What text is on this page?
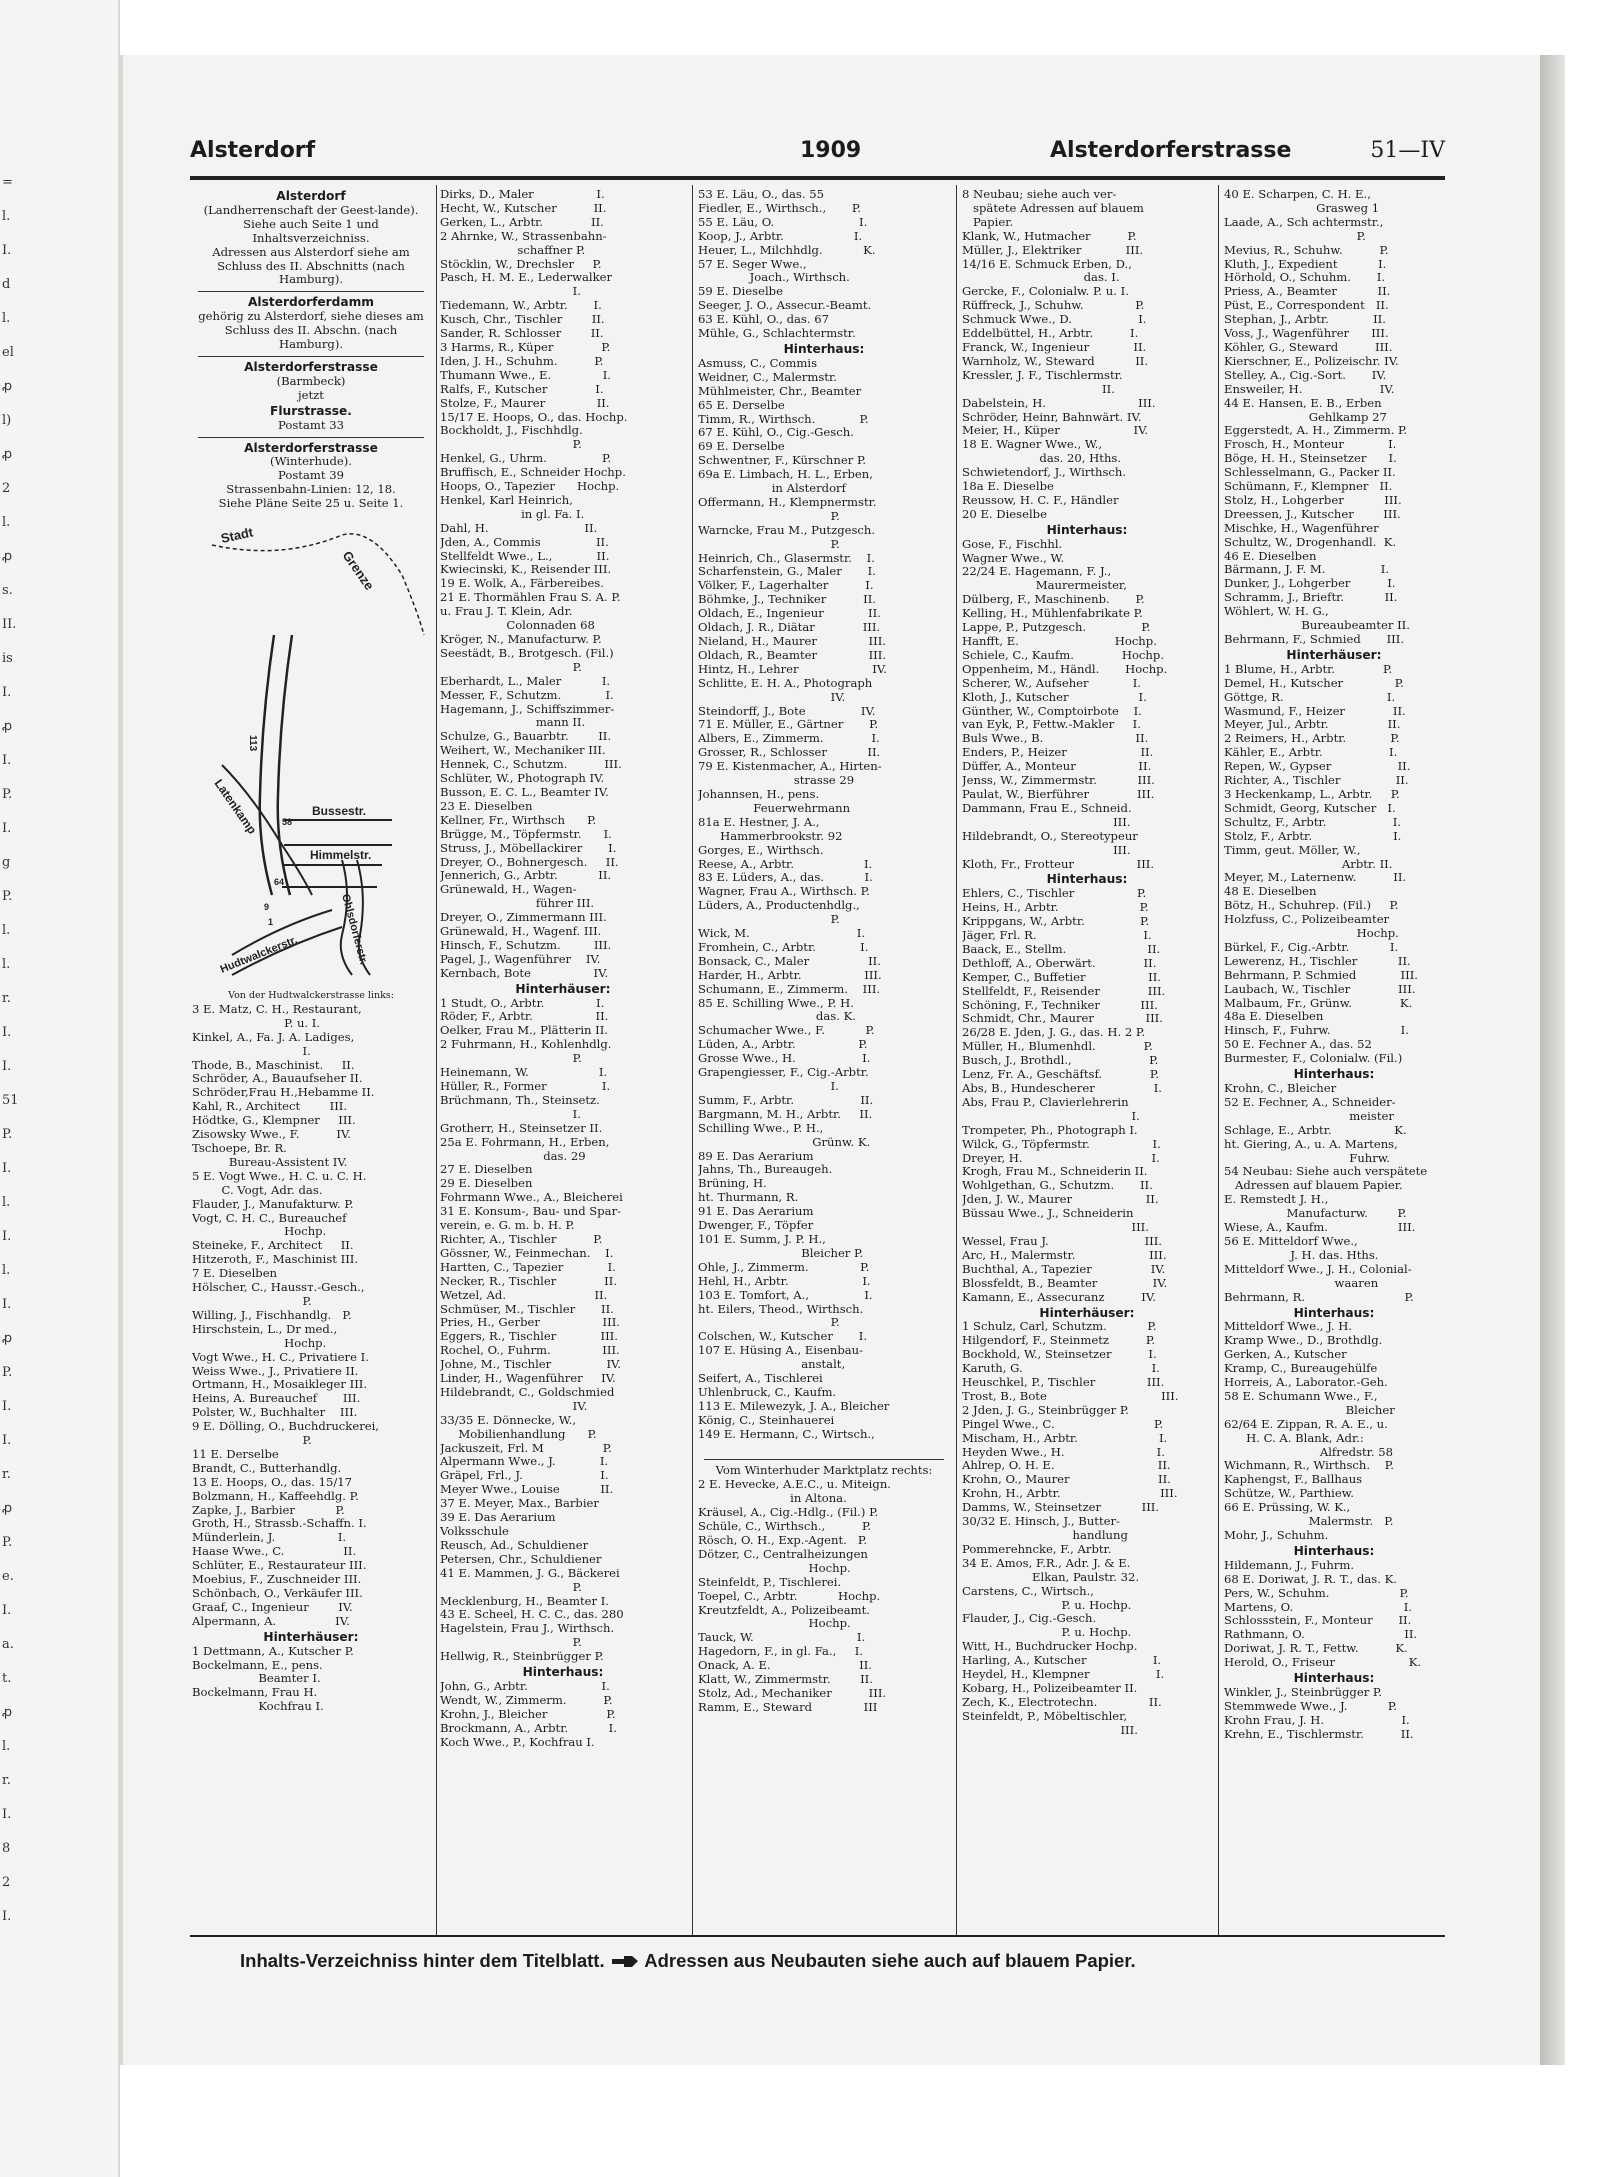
=
l.
I.
d
l.
el
ꝓ
l)
ꝓ
2
l.
ꝓ
s.
II.
is
I.
ꝓ
I.
P.
I.
g
P.
l.
l.
r.
I.
I.
51
P.
I.
l.
I.
l.
I.
ꝓ
P.
I.
I.
r.
ꝓ
P.
e.
I.
a.
t.
ꝓ
l.
r.
I.
8
2
I.
Alsterdorf	1909	Alsterdorferstrasse	51—IV
Alsterdorf
(Landherrenschaft der Geest-lande).
Siehe auch Seite 1 und Inhaltsverzeichniss.
Adressen aus Alsterdorf siehe am Schluss des II. Abschnitts (nach Hamburg).
Alsterdorferdamm
gehörig zu Alsterdorf, siehe dieses am Schluss des II. Abschn. (nach Hamburg).
Alsterdorferstrasse
(Barmbeck)
jetzt
Flurstrasse.
Postamt 33
Alsterdorferstrasse
(Winterhude).
Postamt 39
Strassenbahn-Linien: 12, 18.
Siehe Pläne Seite 25 u. Seite 1.
Stadt
Grenze
113
Latenkamp	Bussestr.
Himmelstr.
Ohlsdorferstr.
Hudtwalckerstr.
58
64
9
1
Von der Hudtwalckerstrasse links:
3 E. Matz, C. H., Restaurant,
P. u. I.
Kinkel, A., Fa. J. A. Ladiges,
I.
Thode, B., Maschinist.     II.
Schröder, A., Bauaufseher II.
Schröder,Frau H.,Hebamme II.
Kahl, R., Architect        III.
Hödtke, G., Klempner     III.
Zisowsky Wwe., F.          IV.
Tschoepe, Br. R.
Bureau-Assistent IV.
5 E. Vogt Wwe., H. C. u. C. H.
C. Vogt, Adr. das.
Flauder, J., Manufakturw. P.
Vogt, C. H. C., Bureauchef
Hochp.
Steineke, F., Architect     II.
Hitzeroth, F., Maschinist III.
7 E. Dieselben
Hölscher, C., Haussт.-Gesch.,
P.
Willing, J., Fischhandlg.   P.
Hirschstein, L., Dr med.,
Hochp.
Vogt Wwe., H. C., Privatiere I.
Weiss Wwe., J., Privatiere II.
Ortmann, H., Mosaikleger III.
Heins, A. Bureauchef       III.
Polster, W., Buchhalter    III.
9 E. Dölling, O., Buchdruckerei,
P.
11 E. Derselbe
Brandt, C., Butterhandlg.
13 E. Hoops, O., das. 15/17
Bolzmann, H., Kaffeehdlg. P.
Zapke, J., Barbier           P.
Groth, H., Strassb.-Schaffn. I.
Münderlein, J.                 I.
Haase Wwe., C.                II.
Schlüter, E., Restaurateur III.
Moebius, F., Zuschneider III.
Schönbach, O., Verkäufer III.
Graaf, C., Ingenieur        IV.
Alpermann, A.                IV.
Hinterhäuser:
1 Dettmann, A., Kutscher P.
Bockelmann, E., pens.
Beamter I.
Bockelmann, Frau H.
Kochfrau I.
Dirks, D., Maler                 I.
Hecht, W., Kutscher          II.
Gerken, L., Arbtr.             II.
2 Ahrnke, W., Strassenbahn-
schaffner P.
Stöcklin, W., Drechsler     P.
Pasch, H. M. E., Lederwalker
I.
Tiedemann, W., Arbtr.       I.
Kusch, Chr., Tischler        II.
Sander, R. Schlosser        II.
3 Harms, R., Küper             P.
Iden, J. H., Schuhm.          P.
Thumann Wwe., E.              I.
Ralfs, F., Kutscher             I.
Stolze, F., Maurer              II.
15/17 E. Hoops, O., das. Hochp.
Bockholdt, J., Fischhdlg.
P.
Henkel, G., Uhrm.               P.
Bruffisch, E., Schneider Hochp.
Hoops, O., Tapezier      Hochp.
Henkel, Karl Heinrich,
in gl. Fa. I.
Dahl, H.                          II.
Jden, A., Commis               II.
Stellfeldt Wwe., L.,            II.
Kwiecinski, K., Reisender III.
19 E. Wolk, A., Färbereibes.
21 E. Thormählen Frau S. A. P.
u. Frau J. T. Klein, Adr.
Colonnaden 68
Kröger, N., Manufacturw. P.
Seestädt, B., Brotgesch. (Fil.)
P.
Eberhardt, L., Maler           I.
Messer, F., Schutzm.            I.
Hagemann, J., Schiffszimmer-
mann II.
Schulze, G., Bauarbtr.        II.
Weihert, W., Mechaniker III.
Hennek, C., Schutzm.          III.
Schlüter, W., Photograph IV.
Busson, E. C. L., Beamter IV.
23 E. Dieselben
Kellner, Fr., Wirthsch      P.
Brügge, M., Töpfermstr.      I.
Struss, J., Möbellackirer       I.
Dreyer, O., Bohnergesch.     II.
Jennerich, G., Arbtr.           II.
Grünewald, H., Wagen-
führer III.
Dreyer, O., Zimmermann III.
Grünewald, H., Wagenf. III.
Hinsch, F., Schutzm.         III.
Pagel, J., Wagenführer    IV.
Kernbach, Bote                 IV.
Hinterhäuser:
1 Studt, O., Arbtr.              I.
Röder, F., Arbtr.                 II.
Oelker, Frau M., Plätterin II.
2 Fuhrmann, H., Kohlenhdlg.
P.
Heinemann, W.                   I.
Hüller, R., Former               I.
Brüchmann, Th., Steinsetz.
I.
Grotherr, H., Steinsetzer II.
25a E. Fohrmann, H., Erben,
das. 29
27 E. Dieselben
29 E. Dieselben
Fohrmann Wwe., A., Bleicherei
31 E. Konsum-, Bau- und Spar-
verein, e. G. m. b. H. P.
Richter, A., Tischler          P.
Gössner, W., Feinmechan.    I.
Hartten, C., Tapezier            I.
Necker, R., Tischler             II.
Wetzel, Ad.                        II.
Schmüser, M., Tischler       II.
Pries, H., Gerber                 III.
Eggers, R., Tischler            III.
Rochel, O., Fuhrm.              III.
Johne, M., Tischler               IV.
Linder, H., Wagenführer     IV.
Hildebrandt, C., Goldschmied
IV.
33/35 E. Dönnecke, W.,
Mobilienhandlung      P.
Jackuszeit, Frl. M                P.
Alpermann Wwe., J.            I.
Gräpel, Frl., J.                     I.
Meyer Wwe., Louise           II.
37 E. Meyer, Max., Barbier
39 E. Das Aerarium
Volksschule
Reusch, Ad., Schuldiener
Petersen, Chr., Schuldiener
41 E. Mammen, J. G., Bäckerei
P.
Mecklenburg, H., Beamter I.
43 E. Scheel, H. C. C., das. 280
Hagelstein, Frau J., Wirthsch.
P.
Hellwig, R., Steinbrügger P.
Hinterhaus:
John, G., Arbtr.                    I.
Wendt, W., Zimmerm.          P.
Krohn, J., Bleicher                P.
Brockmann, A., Arbtr.           I.
Koch Wwe., P., Kochfrau I.
53 E. Läu, O., das. 55
Fiedler, E., Wirthsch.,       P.
55 E. Läu, O.                       I.
Koop, J., Arbtr.                   I.
Heuer, L., Milchhdlg.           K.
57 E. Seger Wwe.,
Joach., Wirthsch.
59 E. Dieselbe
Seeger, J. O., Asseсur.-Beamt.
63 E. Kühl, O., das. 67
Mühle, G., Schlachtermstr.
Hinterhaus:
Asmuss, C., Commis
Weidner, C., Malermstr.
Mühlmeister, Chr., Beamter
65 E. Derselbe
Timm, R., Wirthsch.            P.
67 E. Kühl, O., Cig.-Gesch.
69 E. Derselbe
Schwentner, F., Kürschner P.
69a E. Limbach, H. L., Erben,
in Alsterdorf
Offermann, H., Klempnermstr.
P.
Warncke, Frau M., Putzgesch.
P.
Heinrich, Ch., Glasermstr.    I.
Scharfenstein, G., Maler       I.
Völker, F., Lagerhalter          I.
Böhmke, J., Techniker          II.
Oldach, E., Ingenieur            II.
Oldach, J. R., Diätar             III.
Nieland, H., Maurer              III.
Oldach, R., Beamter              III.
Hintz, H., Lehrer                    IV.
Schlitte, E. H. A., Photograph
IV.
Steindorff, J., Bote               IV.
71 E. Müller, E., Gärtner       P.
Albers, E., Zimmerm.             I.
Grosser, R., Schlosser           II.
79 E. Kistenmacher, A., Hirten-
strasse 29
Johannsen, H., pens.
Feuerwehrmann
81a E. Hestner, J. A.,
Hammerbrookstr. 92
Gorges, E., Wirthsch.
Reese, A., Arbtr.                   I.
83 E. Lüders, A., das.           I.
Wagner, Frau A., Wirthsch. P.
Lüders, A., Productenhdlg.,
P.
Wick, M.                             I.
Fromhein, C., Arbtr.            I.
Bonsack, C., Maler                II.
Harder, H., Arbtr.                 III.
Schumann, E., Zimmerm.    III.
85 E. Schilling Wwe., P. H.
das. K.
Schumacher Wwe., F.           P.
Lüden, A., Arbtr.                 P.
Grosse Wwe., H.                  I.
Grapengiesser, F., Cig.-Arbtr.
I.
Summ, F., Arbtr.                  II.
Bargmann, M. H., Arbtr.     II.
Schilling Wwe., P. H.,
Grünw. K.
89 E. Das Aerarium
Jahns, Th., Bureaugeh.
Brüning, H.
ht. Thurmann, R.
91 E. Das Aerarium
Dwenger, F., Töpfer
101 E. Summ, J. P. H.,
Bleicher P.
Ohle, J., Zimmerm.              P.
Hehl, H., Arbtr.                    I.
103 E. Tomfort, A.,               I.
ht. Eilers, Theod., Wirthsch.
P.
Colschen, W., Kutscher       I.
107 E. Hüsing A., Eisenbau-
anstalt,
Seifert, A., Tischlerei
Uhlenbruck, C., Kaufm.
113 E. Milewezyk, J. A., Bleicher
König, C., Steinhauerei
149 E. Hermann, C., Wirtsch.,

Vom Winterhuder Marktplatz rechts:
2 E. Hevecke, A.E.C., u. Miteign.
in Altona.
Kräusel, A., Cig.-Hdlg., (Fil.) P.
Schüle, C., Wirthsch.,          P.
Rösch, O. H., Exp.-Agent.   P.
Dötzer, C., Centralheizungen
Hochp.
Steinfeldt, P., Tischlerei.
Toepel, C., Arbtr.           Hochp.
Kreutzfeldt, A., Polizeibeamt.
Hochp.
Tauck, W.                            I.
Hagedorn, F., in gl. Fa.,     I.
Onack, A. E.                        II.
Klatt, W., Zimmermstr.        II.
Stolz, Ad., Mechaniker          III.
Ramm, E., Steward              III
8 Neubau; siehe auch ver-
spätete Adressen auf blauem
Papier.
Klank, W., Hutmacher          P.
Müller, J., Elektriker            III.
14/16 E. Schmuck Erben, D.,
das. I.
Gercke, F., Colonialw. P. u. I.
Rüffreck, J., Schuhw.              P.
Schmuck Wwe., D.                  I.
Eddelbüttel, H., Arbtr.          I.
Franck, W., Ingenieur            II.
Warnholz, W., Steward           II.
Kressler, J. F., Tischlermstr.
II.
Dabelstein, H.                         III.
Schröder, Heinr, Bahnwärt. IV.
Meier, H., Küper                    IV.
18 E. Wagner Wwe., W.,
das. 20, Hths.
Schwietendorf, J., Wirthsch.
18a E. Dieselbe
Reussow, H. C. F., Händler
20 E. Dieselbe
Hinterhaus:
Gose, F., Fischhl.
Wagner Wwe., W.
22/24 E. Hagemann, F. J.,
Maurermeister,
Dülberg, F., Maschinenb.       P.
Kelling, H., Mühlenfabrikate P.
Lappe, P., Putzgesch.               P.
Hanfft, E.                          Hochp.
Schiele, C., Kaufm.             Hochp.
Oppenheim, M., Händl.       Hochp.
Scherer, W., Aufseher            I.
Kloth, J., Kutscher                   I.
Günther, W., Comptoirbote    I.
van Eyk, P., Fettw.-Makler     I.
Buls Wwe., B.                         II.
Enders, P., Heizer                    II.
Düffer, A., Monteur                 II.
Jenss, W., Zimmermstr.           III.
Paulat, W., Bierführer             III.
Dammann, Frau E., Schneid.
III.
Hildebrandt, O., Stereotypeur
III.
Kloth, Fr., Frotteur                 III.
Hinterhaus:
Ehlers, C., Tischler                 P.
Heins, H., Arbtr.                      P.
Krippgans, W., Arbtr.               P.
Jäger, Frl. R.                             I.
Baack, E., Stellm.                      II.
Dethloff, A., Oberwärt.             II.
Kemper, C., Buffetier                 II.
Stellfeldt, F., Reisender             III.
Schöning, F., Techniker           III.
Schmidt, Chr., Maurer              III.
26/28 E. Jden, J. G., das. H. 2 P.
Müller, H., Blumenhdl.             P.
Busch, J., Brothdl.,                     P.
Lenz, Fr. A., Geschäftsf.             P.
Abs, B., Hundescherer                I.
Abs, Frau P., Clavierlehrerin
I.
Trompeter, Ph., Photograph I.
Wilck, G., Töpfermstr.                 I.
Dreyer, H.                                   I.
Krogh, Frau M., Schneiderin II.
Wohlgethan, G., Schutzm.       II.
Jden, J. W., Maurer                    II.
Büssau Wwe., J., Schneiderin
III.
Wessel, Frau J.                          III.
Arc, H., Malermstr.                    III.
Buchthal, A., Tapezier                IV.
Blossfeldt, B., Beamter               IV.
Kamann, E., Assecuranz          IV.
Hinterhäuser:
1 Schulz, Carl, Schutzm.           P.
Hilgendorf, F., Steinmetz          P.
Bockhold, W., Steinsetzer          I.
Karuth, G.                                   I.
Heuschkel, P., Tischler              III.
Trost, B., Bote                               III.
2 Jden, J. G., Steinbrügger P.
Pingel Wwe., C.                           P.
Mischam, H., Arbtr.                      I.
Heyden Wwe., H.                         I.
Ahlrep, O. H. E.                            II.
Krohn, O., Maurer                        II.
Krohn, H., Arbtr.                           III.
Damms, W., Steinsetzer           III.
30/32 E. Hinsch, J., Butter-
handlung
Pommerehncke, F., Arbtr.
34 E. Amos, F.R., Adr. J. & E.
Elkan, Paulstr. 32.
Carstens, C., Wirtsch.,
P. u. Hochp.
Flauder, J., Cig.-Gesch.
P. u. Hochp.
Witt, H., Buchdrucker Hochp.
Harling, A., Kutscher                  I.
Heydel, H., Klempner                  I.
Kobarg, H., Polizeibeamter II.
Zech, K., Electrotechn.              II.
Steinfeldt, P., Möbeltischler,
III.
40 E. Scharpen, C. H. E.,
Grasweg 1
Laade, A., Sch achtermstr.,
P.
Mevius, R., Schuhw.          P.
Kluth, J., Expedient           I.
Hörhold, O., Schuhm.       I.
Priess, A., Beamter           II.
Püst, E., Correspondent   II.
Stephan, J., Arbtr.            II.
Voss, J., Wagenführer      III.
Köhler, G., Steward          III.
Kierschner, E., Polizeischr. IV.
Stelley, A., Cig.-Sort.       IV.
Ensweiler, H.                     IV.
44 E. Hansen, E. B., Erben
Gehlkamp 27
Eggerstedt, A. H., Zimmerm. P.
Frosch, H., Monteur            I.
Böge, H. H., Steinsetzer      I.
Schlesselmann, G., Packer II.
Schümann, F., Klempner   II.
Stolz, H., Lohgerber           III.
Dreessen, J., Kutscher        III.
Mischke, H., Wagenführer
Schultz, W., Drogenhandl.  K.
46 E. Dieselben
Bärmann, J. F. M.               I.
Dunker, J., Lohgerber          I.
Schramm, J., Brieftr.           II.
Wöhlert, W. H. G.,
Bureaubeamter II.
Behrmann, F., Schmied       III.
Hinterhäuser:
1 Blume, H., Arbtr.             P.
Demel, H., Kutscher              P.
Göttge, R.                            I.
Wasmund, F., Heizer             II.
Meyer, Jul., Arbtr.                II.
2 Reimers, H., Arbtr.            P.
Kähler, E., Arbtr.                  I.
Repen, W., Gypser                  II.
Richter, A., Tischler               II.
3 Heckenkamp, L., Arbtr.     P.
Schmidt, Georg, Kutscher   I.
Schultz, F., Arbtr.                  I.
Stolz, F., Arbtr.                      I.
Timm, geut. Möller, W.,
Arbtr. II.
Meyer, M., Laternenw.          II.
48 E. Dieselben
Bötz, H., Schuhrep. (Fil.)     P.
Holzfuss, C., Polizeibeamter
Hochp.
Bürkel, F., Cig.-Arbtr.           I.
Lewerenz, H., Tischler           II.
Behrmann, P. Schmied            III.
Laubach, W., Tischler             III.
Malbaum, Fr., Grünw.             K.
48a E. Dieselben
Hinsch, F., Fuhrw.                   I.
50 E. Fechner A., das. 52
Burmester, F., Colonialw. (Fil.)
Hinterhaus:
Krohn, C., Bleicher
52 E. Fechner, A., Schneider-
meister
Schlage, E., Arbtr.                 K.
ht. Giering, A., u. A. Martens,
Fuhrw.
54 Neubau: Siehe auch verspätete
Adressen auf blauem Papier.
E. Remstedt J. H.,
Manufacturw.        P.
Wiese, A., Kaufm.                   III.
56 E. Mitteldorf Wwe.,
J. H. das. Hths.
Mitteldorf Wwe., J. H., Colonial-
waaren
Behrmann, R.                           P.
Hinterhaus:
Mitteldorf Wwe., J. H.
Kramp Wwe., D., Brothdlg.
Gerken, A., Kutscher
Kramp, C., Bureaugehülfe
Horreis, A., Laborator.-Geh.
58 E. Schumann Wwe., F.,
Bleicher
62/64 E. Zippan, R. A. E., u.
H. C. A. Blank, Adr.:
Alfredstr. 58
Wichmann, R., Wirthsch.    P.
Kaphengst, F., Ballhaus
Schütze, W., Parthiew.
66 E. Prüssing, W. K.,
Malermstr.   P.
Mohr, J., Schuhm.
Hinterhaus:
Hildemann, J., Fuhrm.
68 E. Doriwat, J. R. T., das. K.
Pers, W., Schuhm.                   P.
Martens, O.                              I.
Schlossstein, F., Monteur       II.
Rathmann, O.                           II.
Doriwat, J. R. T., Fettw.          K.
Herold, O., Friseur                    K.
Hinterhaus:
Winkler, J., Steinbrügger P.
Stemmwede Wwe., J.           P.
Krohn Frau, J. H.                     I.
Krehn, E., Tischlermstr.          II.
Inhalts-Verzeichniss hinter dem Titelblatt. Adressen aus Neubauten siehe auch auf blauem Papier.
